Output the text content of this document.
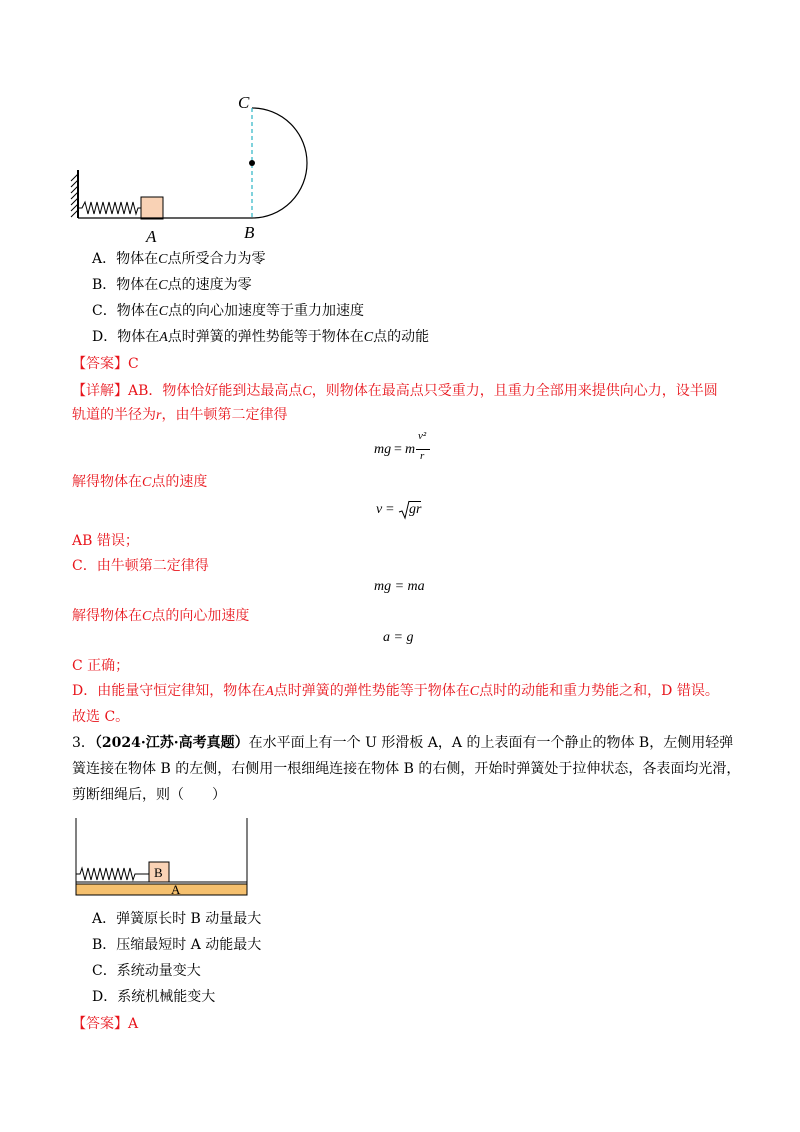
C
A	B
A．物体在C点所受合力为零
B．物体在C点的速度为零
C．物体在C点的向心加速度等于重力加速度
D．物体在A点时弹簧的弹性势能等于物体在C点的动能
【答案】C
【详解】AB．物体恰好能到达最高点C，则物体在最高点只受重力，且重力全部用来提供向心力，设半圆
轨道的半径为r，由牛顿第二定律得
mg = m
v²
r
解得物体在C点的速度
v = gr
AB 错误；
C．由牛顿第二定律得
mg = ma
解得物体在C点的向心加速度
a = g
C 正确；
D．由能量守恒定律知，物体在A点时弹簧的弹性势能等于物体在C点时的动能和重力势能之和，D 错误。
故选 C。
3．（2024·江苏·高考真题）在水平面上有一个 U 形滑板 A，A 的上表面有一个静止的物体 B，左侧用轻弹
簧连接在物体 B 的左侧，右侧用一根细绳连接在物体 B 的右侧，开始时弹簧处于拉伸状态，各表面均光滑，
剪断细绳后，则（　　）
B
A
A．弹簧原长时 B 动量最大
B．压缩最短时 A 动能最大
C．系统动量变大
D．系统机械能变大
【答案】A
